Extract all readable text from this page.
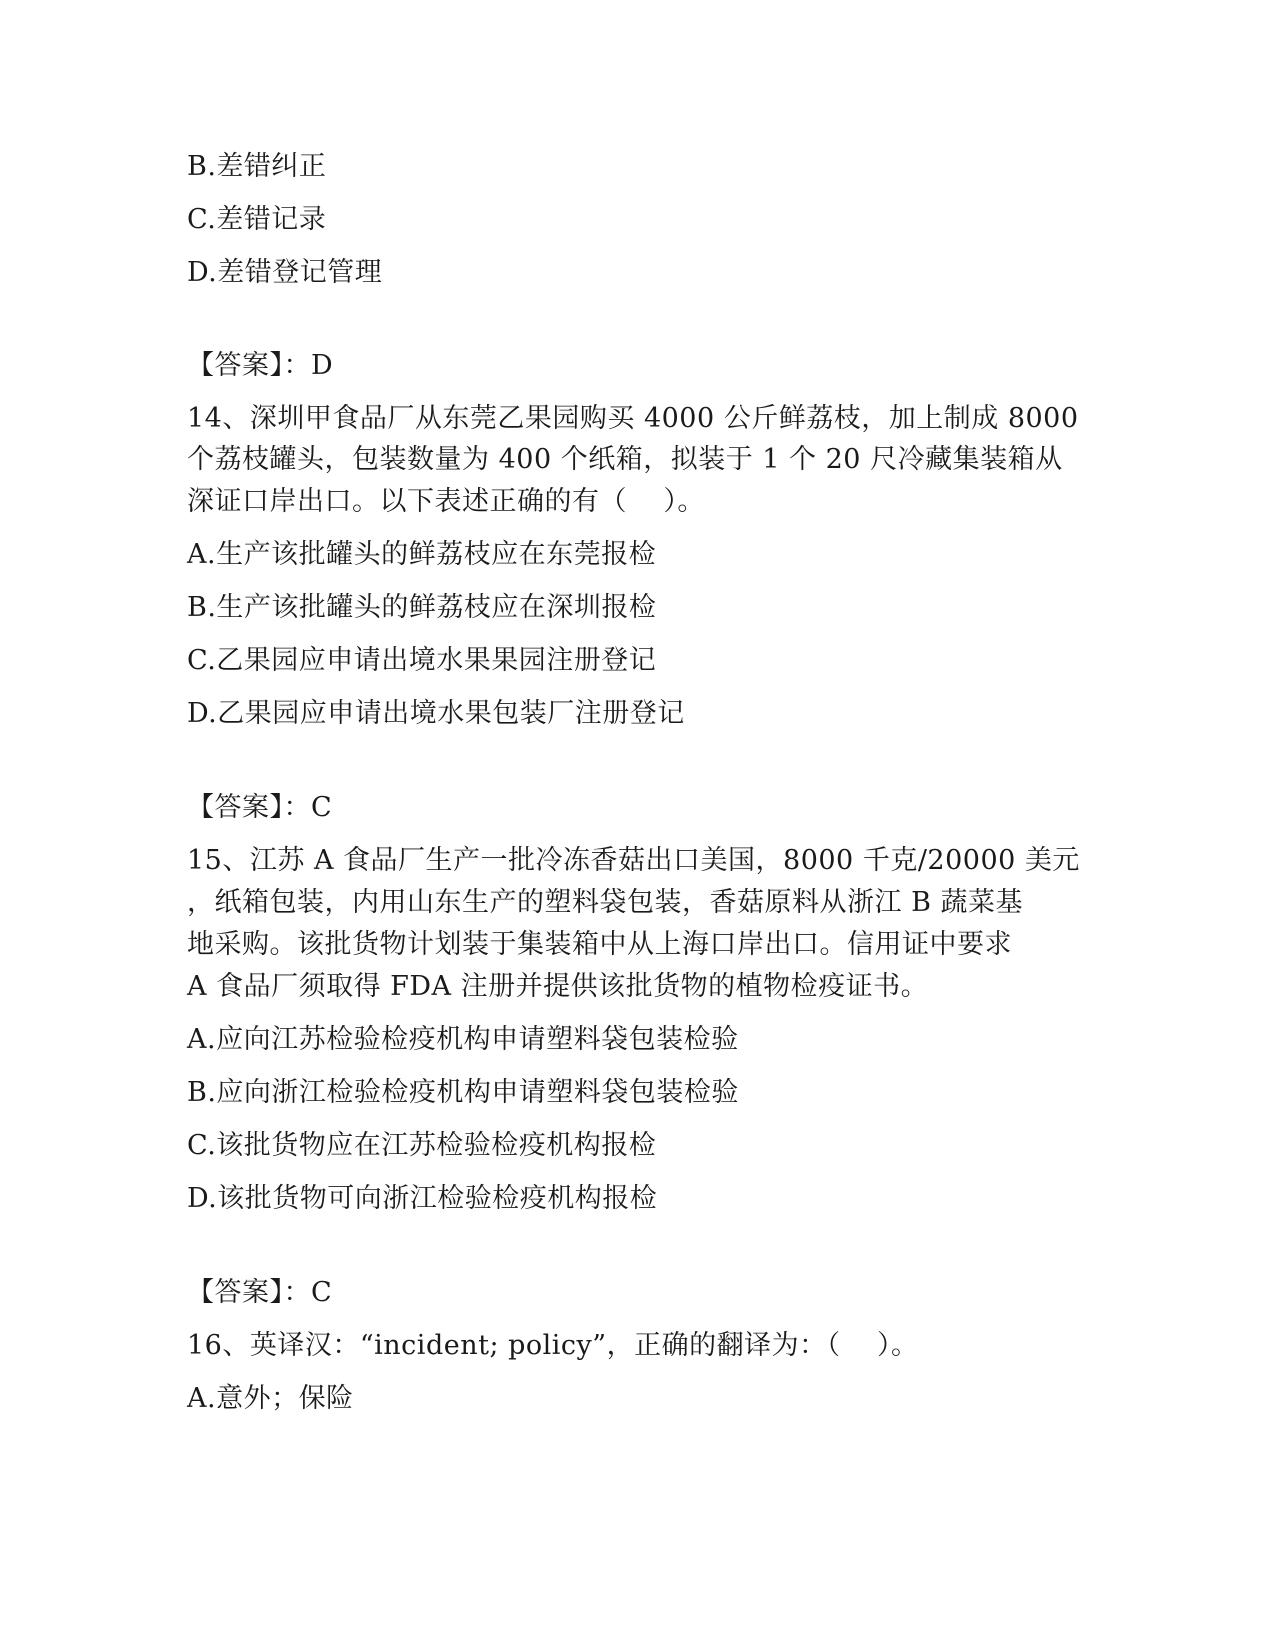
B.差错纠正
C.差错记录
D.差错登记管理
【答案】：D
14、深圳甲食品厂从东莞乙果园购买 4000 公斤鲜荔枝，加上制成 8000
个荔枝罐头，包装数量为 400 个纸箱，拟装于 1 个 20 尺冷藏集装箱从
深证口岸出口。以下表述正确的有（    ）。
A.生产该批罐头的鲜荔枝应在东莞报检
B.生产该批罐头的鲜荔枝应在深圳报检
C.乙果园应申请出境水果果园注册登记
D.乙果园应申请出境水果包装厂注册登记
【答案】：C
15、江苏 A 食品厂生产一批冷冻香菇出口美国，8000 千克/20000 美元
，纸箱包装，内用山东生产的塑料袋包装，香菇原料从浙江 B 蔬菜基
地采购。该批货物计划装于集装箱中从上海口岸出口。信用证中要求
A 食品厂须取得 FDA 注册并提供该批货物的植物检疫证书。
A.应向江苏检验检疫机构申请塑料袋包装检验
B.应向浙江检验检疫机构申请塑料袋包装检验
C.该批货物应在江苏检验检疫机构报检
D.该批货物可向浙江检验检疫机构报检
【答案】：C
16、英译汉：“incident; policy”，正确的翻译为：（    ）。
A.意外；保险
